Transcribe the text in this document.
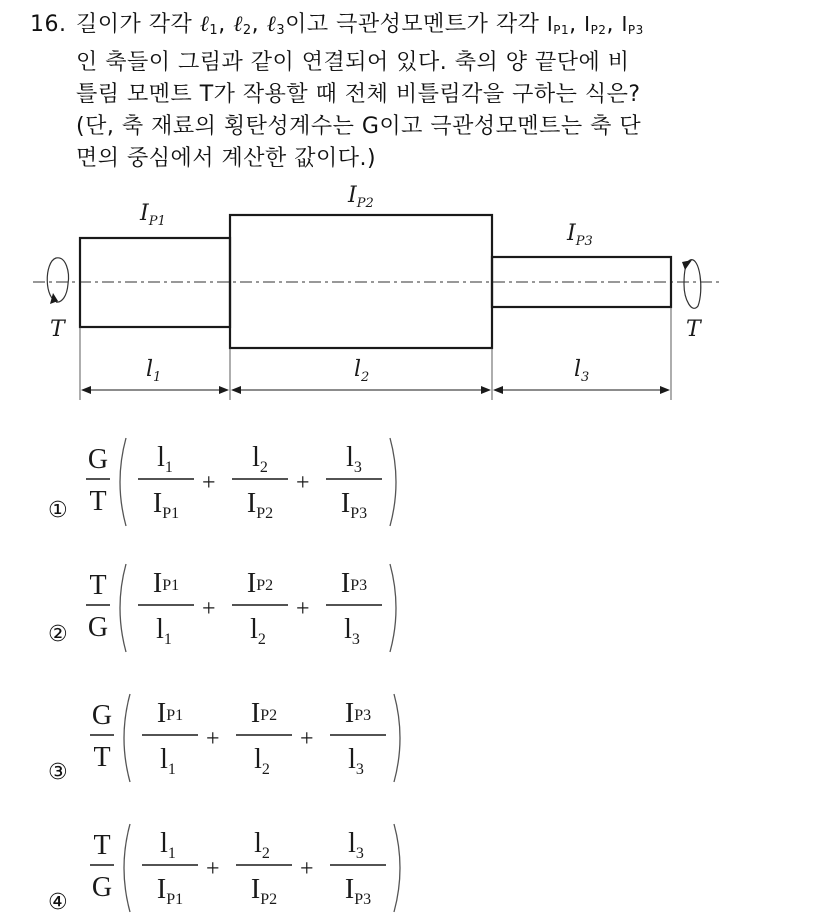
16. 길이가 각각 ℓ$_1$, ℓ$_2$, ℓ$_3$이고 극관성모멘트가 각각 $I_{P1}$, $I_{P2}$, $I_{P3}$
인 축들이 그림과 같이 연결되어 있다. 축의 양 끝단에 비
틀림 모멘트 T가 작용할 때 전체 비틀림각을 구하는 식은?
(단, 축 재료의 횡탄성계수는 G이고 극관성모멘트는 축 단
면의 중심에서 계산한 값이다.)
T	T
$I_{P1}$
$I_{P2}$
$I_{P3}$
$l_1$	$l_2$	$l_3$
①
G
T
$l_1$
$I_{P1}$
+
$l_2$
$I_{P2}$
+
$l_3$
$I_{P3}$
②
T
G
IP1
$l_1$
+
IP2
$l_2$
+
IP3
$l_3$
③
G
T
IP1
$l_1$
+
IP2
$l_2$
+
IP3
$l_3$
④
T
G
$l_1$
$I_{P1}$
+
$l_2$
$I_{P2}$
+
$l_3$
$I_{P3}$
